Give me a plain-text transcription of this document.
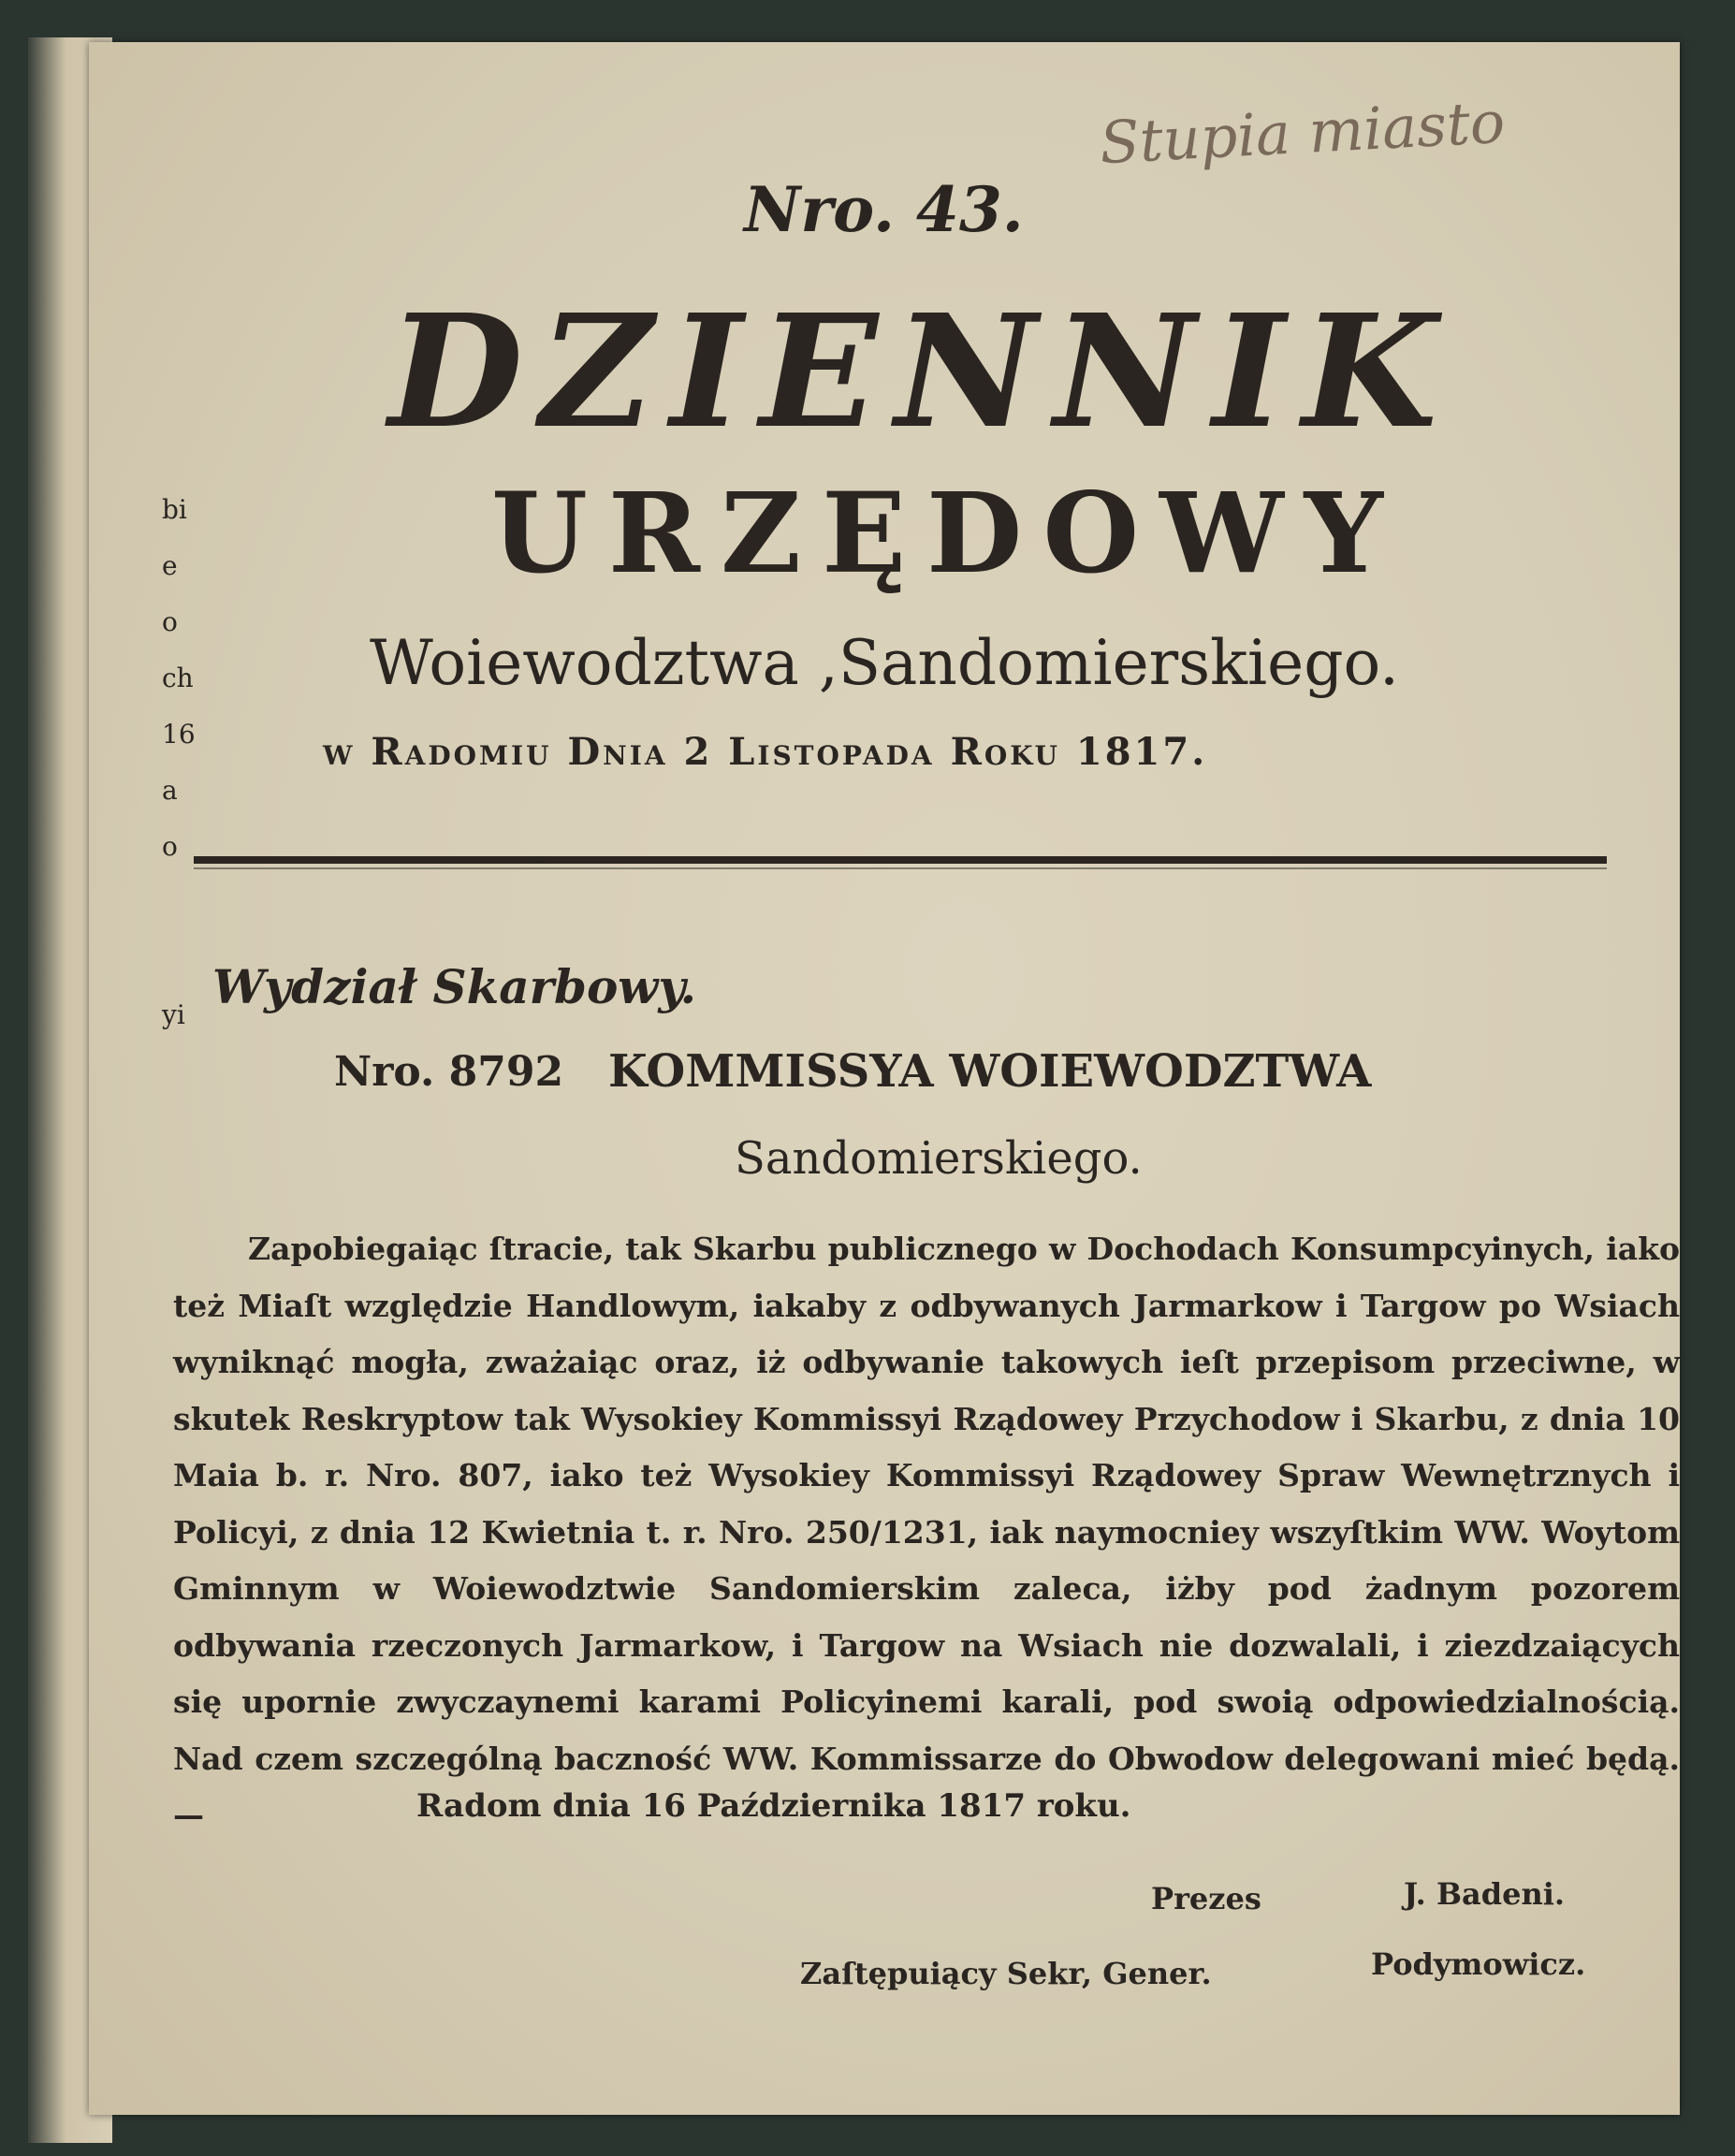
bi
e
o
ch
16
a
o

yi
Stupia miasto
Nro. 43.
DZIENNIK
URZĘDOWY
Woiewodztwa ,Sandomierskiego.
w Radomiu Dnia 2 Listopada Roku 1817.
Wydział Skarbowy.
Nro. 8792 KOMMISSYA WOIEWODZTWA
Sandomierskiego.

Zapobiegaiąc ſtracie, tak Skarbu publicznego w Dochodach Konsumpcyinych, iako też Miaſt względzie Handlowym, iakaby z odbywanych Jarmarkow i Targow po Wsiach wyniknąć mogła, zważaiąc oraz, iż odbywanie takowych ieſt przepisom przeciwne, w skutek Reskryptow tak Wysokiey Kommissyi Rządowey Przychodow i Skarbu, z dnia 10 Maia b. r. Nro. 807, iako też Wysokiey Kommissyi Rządowey Spraw Wewnętrznych i Policyi, z dnia 12 Kwietnia t. r. Nro. 250/1231, iak naymocniey wszyſtkim WW. Woytom Gminnym w Woiewodztwie Sandomierskim zaleca, iżby pod żadnym pozorem odbywania rzeczonych Jarmarkow, i Targow na Wsiach nie dozwalali, i ziezdzaiących się upornie zwyczaynemi karami Policyinemi karali, pod swoią odpowiedzialnością. Nad czem szczególną baczność WW. Kommissarze do Obwodow delegowani mieć będą. —	Radom dnia 16 Października 1817 roku.
Prezes	J. Badeni.
Zaſtępuiący Sekr, Gener.	Podymowicz.
